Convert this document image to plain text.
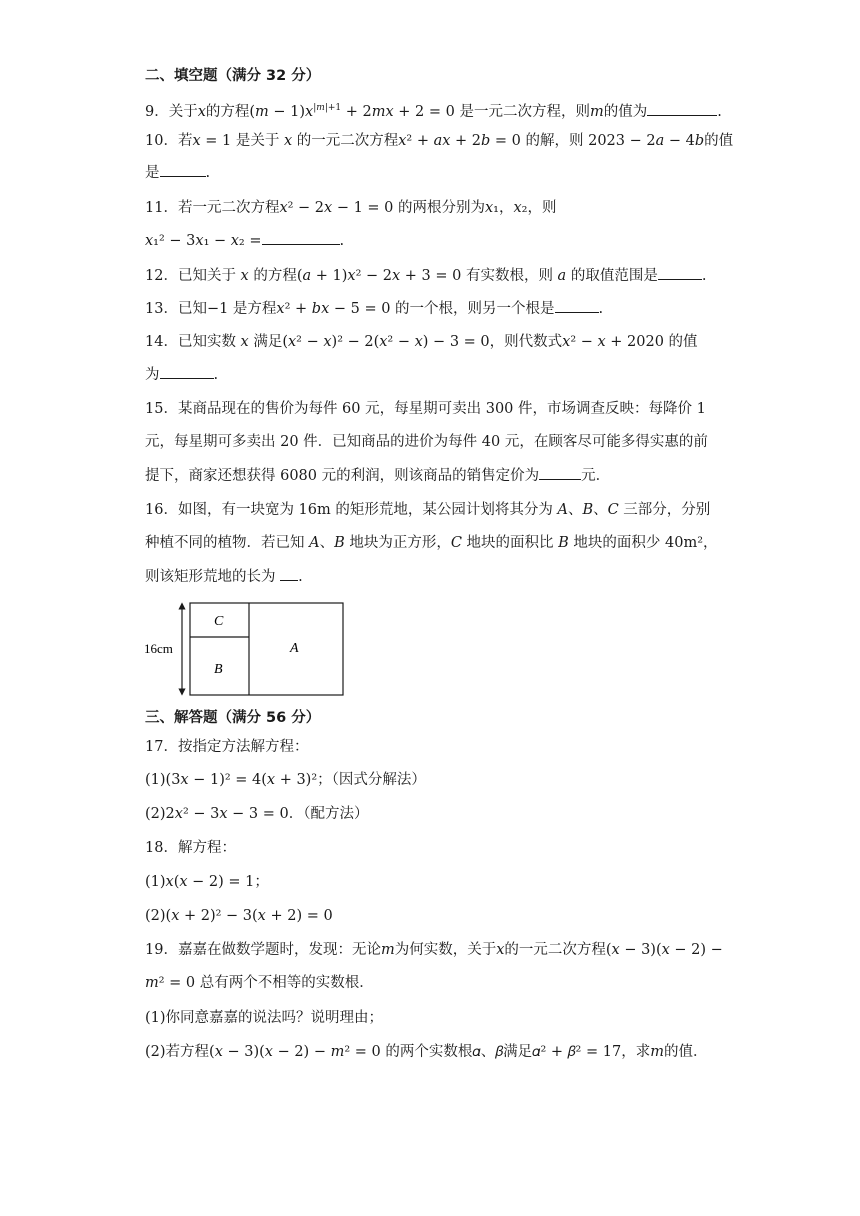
二、填空题（满分 32 分）
9．关于𝑥的方程(𝑚 − 1)𝑥$^{|𝑚|+1}$ + 2𝑚𝑥 + 2 = 0 是一元二次方程，则𝑚的值为	.
10．若𝑥 = 1 是关于 𝑥 的一元二次方程𝑥² + 𝑎𝑥 + 2𝑏 = 0 的解，则 2023 − 2𝑎 − 4𝑏的值
是	.
11．若一元二次方程𝑥² − 2𝑥 − 1 = 0 的两根分别为𝑥₁，𝑥₂，则
𝑥₁² − 3𝑥₁ − 𝑥₂ =	.
12．已知关于 𝑥 的方程(𝑎 + 1)𝑥² − 2𝑥 + 3 = 0 有实数根，则 𝑎 的取值范围是	.
13．已知−1 是方程𝑥² + 𝑏𝑥 − 5 = 0 的一个根，则另一个根是	.
14．已知实数 𝑥 满足(𝑥² − 𝑥)² − 2(𝑥² − 𝑥) − 3 = 0，则代数式𝑥² − 𝑥 + 2020 的值
为	.
15．某商品现在的售价为每件 60 元，每星期可卖出 300 件，市场调查反映：每降价 1
元，每星期可多卖出 20 件．已知商品的进价为每件 40 元，在顾客尽可能多得实惠的前
提下，商家还想获得 6080 元的利润，则该商品的销售定价为	元．
16．如图，有一块宽为 16m 的矩形荒地，某公园计划将其分为 𝐴、𝐵、𝐶 三部分，分别
种植不同的植物．若已知 𝐴、𝐵 地块为正方形，𝐶 地块的面积比 𝐵 地块的面积少 40m²，
则该矩形荒地的长为 .
16cm
C
B
A
三、解答题（满分 56 分）
17．按指定方法解方程：
(1)(3𝑥 − 1)² = 4(𝑥 + 3)²；（因式分解法）
(2)2𝑥² − 3𝑥 − 3 = 0．（配方法）
18．解方程：
(1)𝑥(𝑥 − 2) = 1；
(2)(𝑥 + 2)² − 3(𝑥 + 2) = 0
19．嘉嘉在做数学题时，发现：无论𝑚为何实数，关于𝑥的一元二次方程(𝑥 − 3)(𝑥 − 2) −
𝑚² = 0 总有两个不相等的实数根．
(1)你同意嘉嘉的说法吗？说明理由；
(2)若方程(𝑥 − 3)(𝑥 − 2) − 𝑚² = 0 的两个实数根𝛼、𝛽满足𝛼² + 𝛽² = 17，求𝑚的值．
